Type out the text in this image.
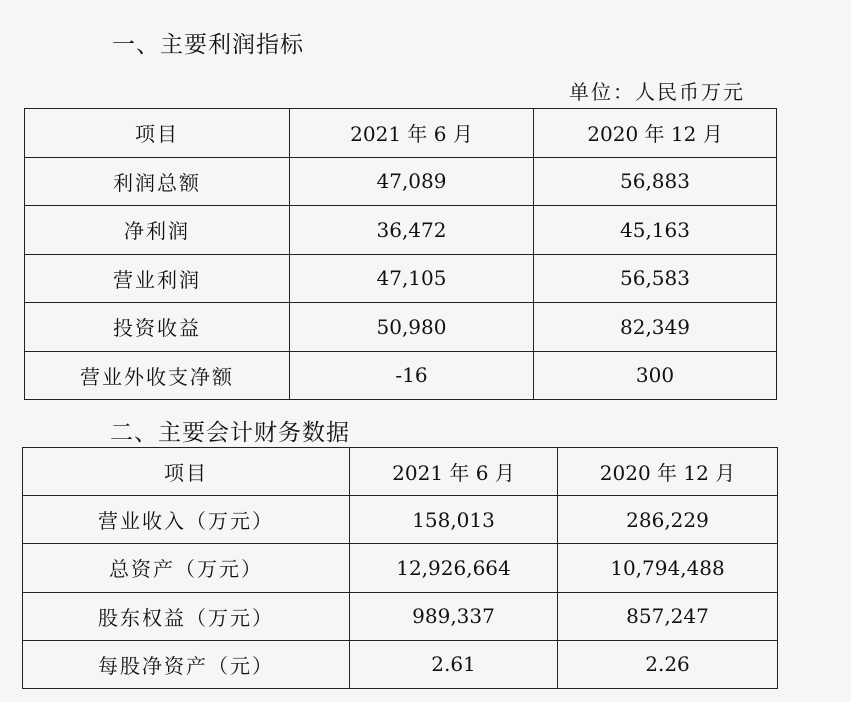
一、主要利润指标
单位：人民币万元
项目	2021 年 6 月	2020 年 12 月
利润总额	47,089	56,883
净利润	36,472	45,163
营业利润	47,105	56,583
投资收益	50,980	82,349
营业外收支净额	-16	300
二、主要会计财务数据
项目	2021 年 6 月	2020 年 12 月
营业收入（万元）	158,013	286,229
总资产（万元）	12,926,664	10,794,488
股东权益（万元）	989,337	857,247
每股净资产（元）	2.61	2.26
